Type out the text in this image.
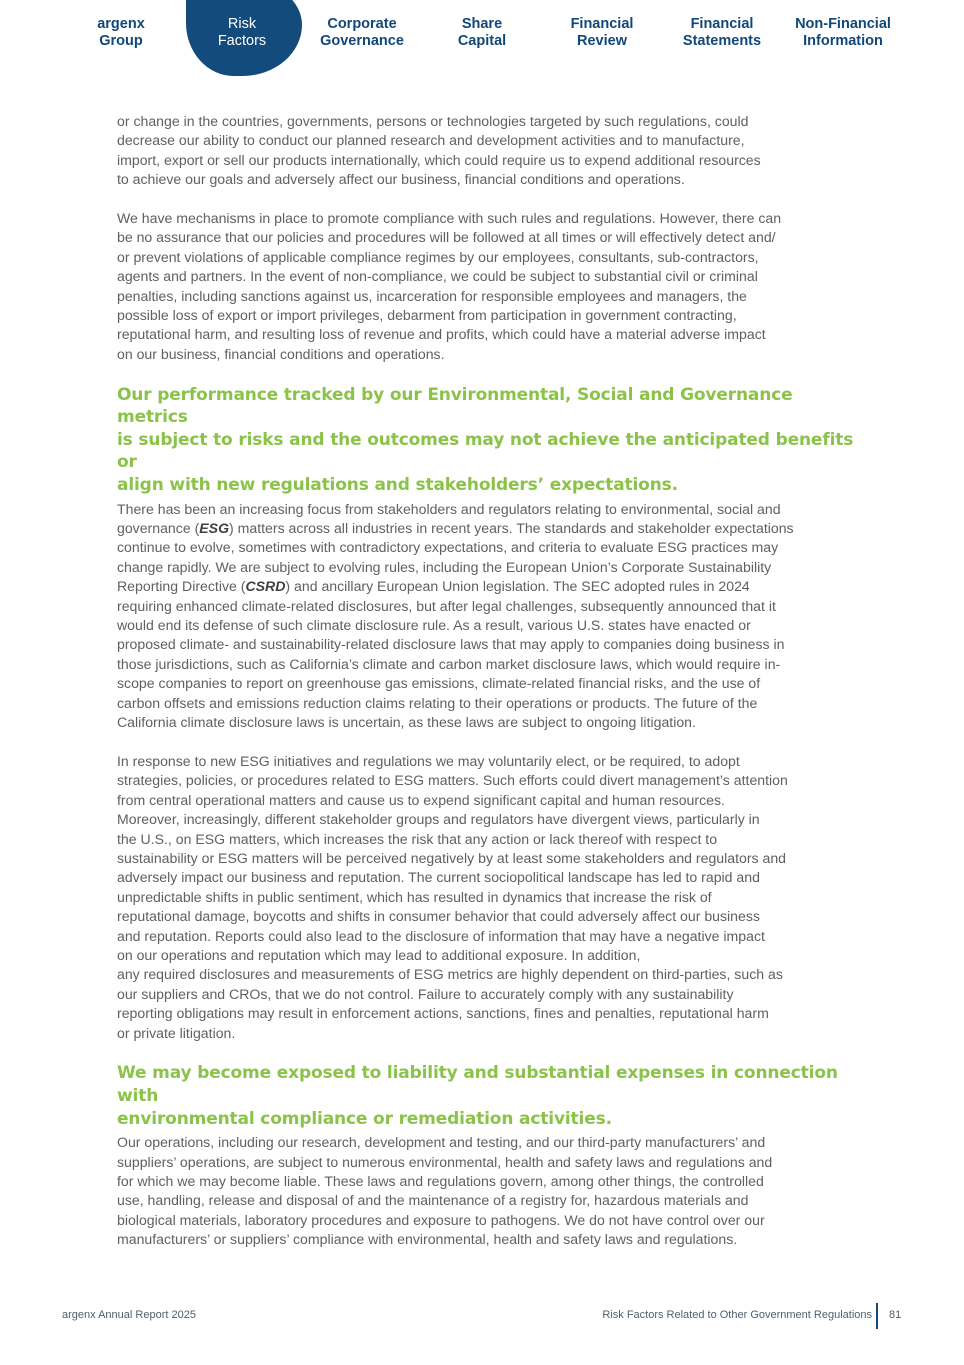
argenx
Group
Risk
Factors
Corporate
Governance
Share
Capital
Financial
Review
Financial
Statements
Non-Financial
Information

or change in the countries, governments, persons or technologies targeted by such regulations, could
decrease our ability to conduct our planned research and development activities and to manufacture,
import, export or sell our products internationally, which could require us to expend additional resources
to achieve our goals and adversely affect our business, financial conditions and operations.

We have mechanisms in place to promote compliance with such rules and regulations. However, there can
be no assurance that our policies and procedures will be followed at all times or will effectively detect and/
or prevent violations of applicable compliance regimes by our employees, consultants, sub-contractors,
agents and partners. In the event of non-compliance, we could be subject to substantial civil or criminal
penalties, including sanctions against us, incarceration for responsible employees and managers, the
possible loss of export or import privileges, debarment from participation in government contracting,
reputational harm, and resulting loss of revenue and profits, which could have a material adverse impact
on our business, financial conditions and operations.

Our performance tracked by our Environmental, Social and Governance metrics
is subject to risks and the outcomes may not achieve the anticipated benefits or
align with new regulations and stakeholders’ expectations.

There has been an increasing focus from stakeholders and regulators relating to environmental, social and
governance (ESG) matters across all industries in recent years. The standards and stakeholder expectations
continue to evolve, sometimes with contradictory expectations, and criteria to evaluate ESG practices may
change rapidly. We are subject to evolving rules, including the European Union’s Corporate Sustainability
Reporting Directive (CSRD) and ancillary European Union legislation. The SEC adopted rules in 2024
requiring enhanced climate-related disclosures, but after legal challenges, subsequently announced that it
would end its defense of such climate disclosure rule. As a result, various U.S. states have enacted or
proposed climate- and sustainability-related disclosure laws that may apply to companies doing business in
those jurisdictions, such as California’s climate and carbon market disclosure laws, which would require in-
scope companies to report on greenhouse gas emissions, climate-related financial risks, and the use of
carbon offsets and emissions reduction claims relating to their operations or products. The future of the
California climate disclosure laws is uncertain, as these laws are subject to ongoing litigation.

In response to new ESG initiatives and regulations we may voluntarily elect, or be required, to adopt
strategies, policies, or procedures related to ESG matters. Such efforts could divert management’s attention
from central operational matters and cause us to expend significant capital and human resources.
Moreover, increasingly, different stakeholder groups and regulators have divergent views, particularly in
the U.S., on ESG matters, which increases the risk that any action or lack thereof with respect to
sustainability or ESG matters will be perceived negatively by at least some stakeholders and regulators and
adversely impact our business and reputation. The current sociopolitical landscape has led to rapid and
unpredictable shifts in public sentiment, which has resulted in dynamics that increase the risk of
reputational damage, boycotts and shifts in consumer behavior that could adversely affect our business
and reputation. Reports could also lead to the disclosure of information that may have a negative impact
on our operations and reputation which may lead to additional exposure. In addition,
any required disclosures and measurements of ESG metrics are highly dependent on third-parties, such as
our suppliers and CROs, that we do not control. Failure to accurately comply with any sustainability
reporting obligations may result in enforcement actions, sanctions, fines and penalties, reputational harm
or private litigation.

We may become exposed to liability and substantial expenses in connection with
environmental compliance or remediation activities.

Our operations, including our research, development and testing, and our third-party manufacturers’ and
suppliers’ operations, are subject to numerous environmental, health and safety laws and regulations and
for which we may become liable. These laws and regulations govern, among other things, the controlled
use, handling, release and disposal of and the maintenance of a registry for, hazardous materials and
biological materials, laboratory procedures and exposure to pathogens. We do not have control over our
manufacturers’ or suppliers’ compliance with environmental, health and safety laws and regulations.

argenx Annual Report 2025	Risk Factors Related to Other Government Regulations 81
